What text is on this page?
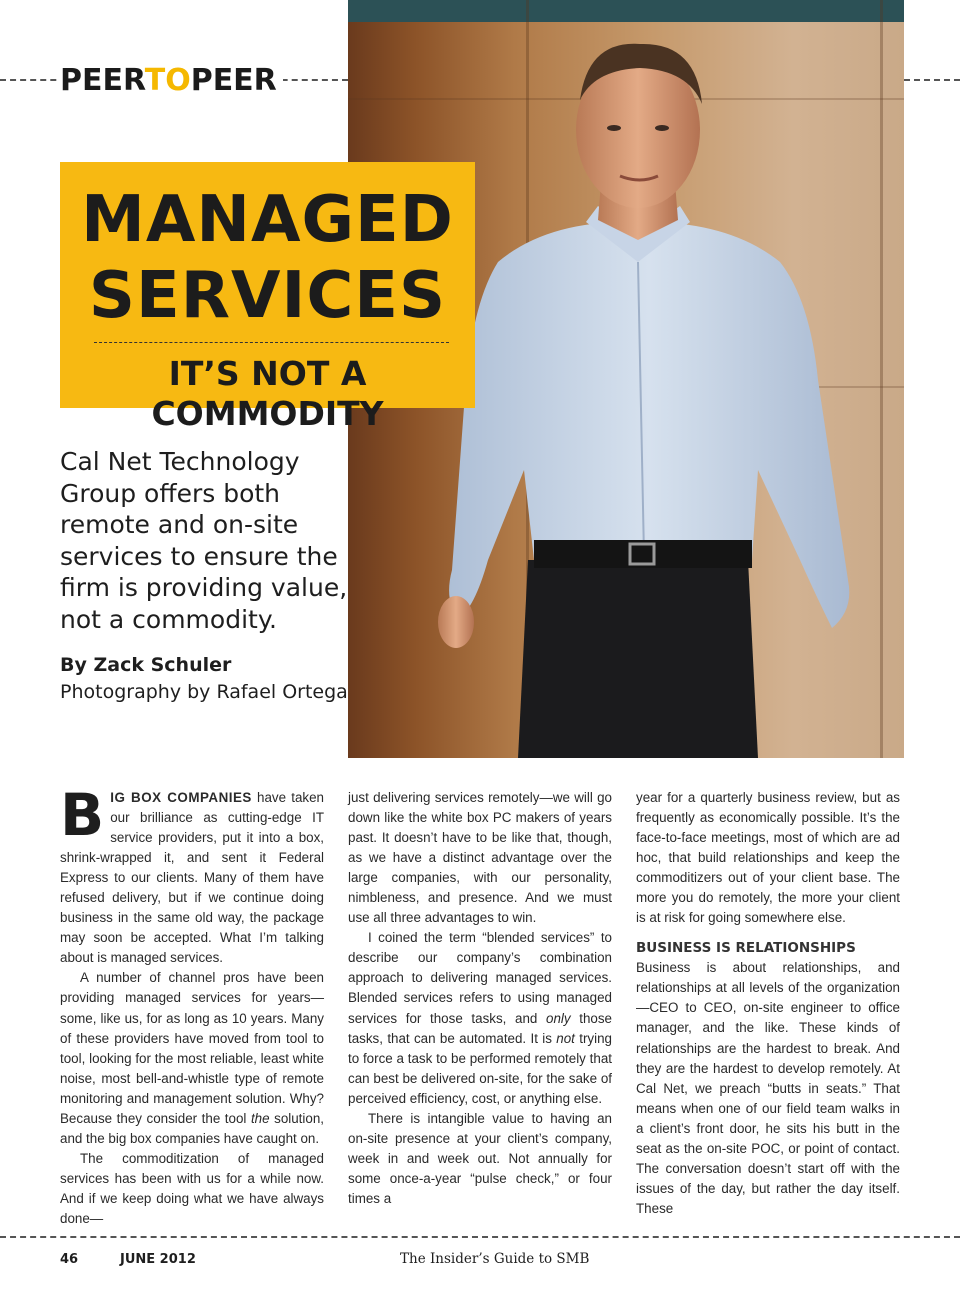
PEERTOPEER
MANAGED
SERVICES
IT’S NOT A COMMODITY
Cal Net Technology Group offers both remote and on-site services to ensure the firm is providing value, not a commodity.
By Zack Schuler
Photography by Rafael Ortega

BIG BOX COMPANIES have taken our brilliance as cutting-edge IT service providers, put it into a box, shrink-wrapped it, and sent it Federal Express to our clients. Many of them have refused delivery, but if we continue doing business in the same old way, the package may soon be accepted. What I’m talking about is managed services.

A number of channel pros have been providing managed services for years—some, like us, for as long as 10 years. Many of these providers have moved from tool to tool, looking for the most reliable, least white noise, most bell-and-whistle type of remote monitoring and management solution. Why? Because they consider the tool the solution, and the big box companies have caught on.

The commoditization of managed services has been with us for a while now. And if we keep doing what we have always done—

just delivering services remotely—we will go down like the white box PC makers of years past. It doesn’t have to be like that, though, as we have a distinct advantage over the large companies, with our personality, nimbleness, and presence. And we must use all three advantages to win.

I coined the term “blended services” to describe our company’s combination approach to delivering managed services. Blended services refers to using managed services for those tasks, and only those tasks, that can be automated. It is not trying to force a task to be performed remotely that can best be delivered on-site, for the sake of perceived efficiency, cost, or anything else.

There is intangible value to having an on-site presence at your client’s company, week in and week out. Not annually for some once-a-year “pulse check,” or four times a

year for a quarterly business review, but as frequently as economically possible. It’s the face-to-face meetings, most of which are ad hoc, that build relationships and keep the commoditizers out of your client base. The more you do remotely, the more your client is at risk for going somewhere else.

BUSINESS IS RELATIONSHIPS

Business is about relationships, and relationships at all levels of the organization—CEO to CEO, on-site engineer to office manager, and the like. These kinds of relationships are the hardest to break. And they are the hardest to develop remotely. At Cal Net, we preach “butts in seats.” That means when one of our field team walks in a client’s front door, he sits his butt in the seat as the on-site POC, or point of contact. The conversation doesn’t start off with the issues of the day, but rather the day itself. These

46	JUNE 2012	The Insider’s Guide to SMB
